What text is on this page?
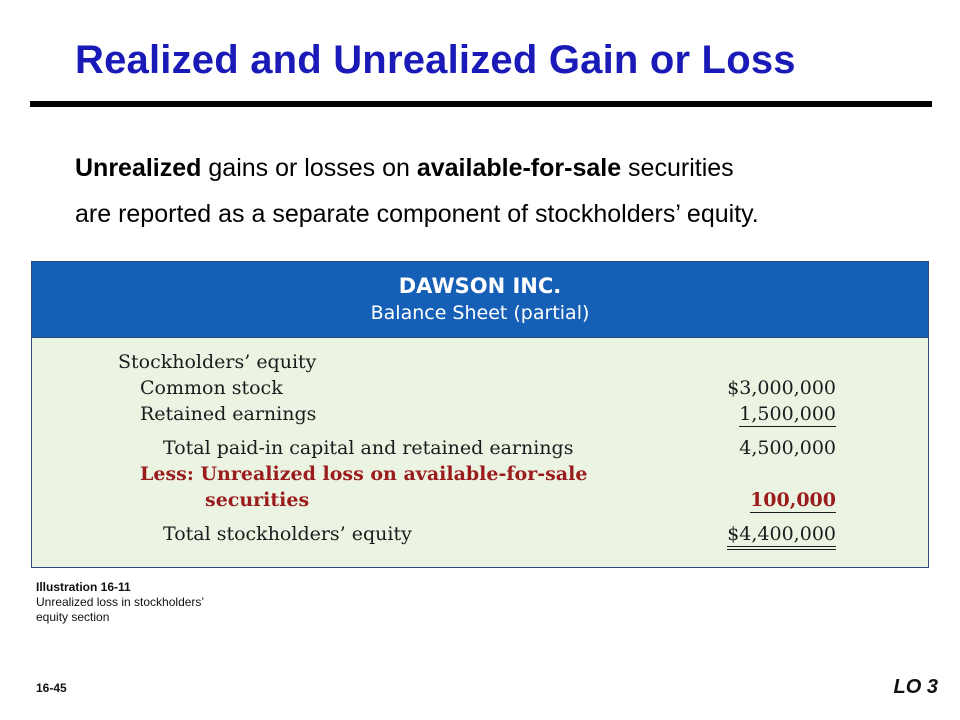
Realized and Unrealized Gain or Loss
Unrealized gains or losses on available-for-sale securities
are reported as a separate component of stockholders’ equity.
DAWSON INC.
Balance Sheet (partial)
Stockholders’ equity
Common stock	$3,000,000
Retained earnings	1,500,000
Total paid-in capital and retained earnings	4,500,000
Less: Unrealized loss on available-for-sale
securities	100,000
Total stockholders’ equity	$4,400,000
Illustration 16-11
Unrealized loss in stockholders’
equity section
16-45	LO 3
